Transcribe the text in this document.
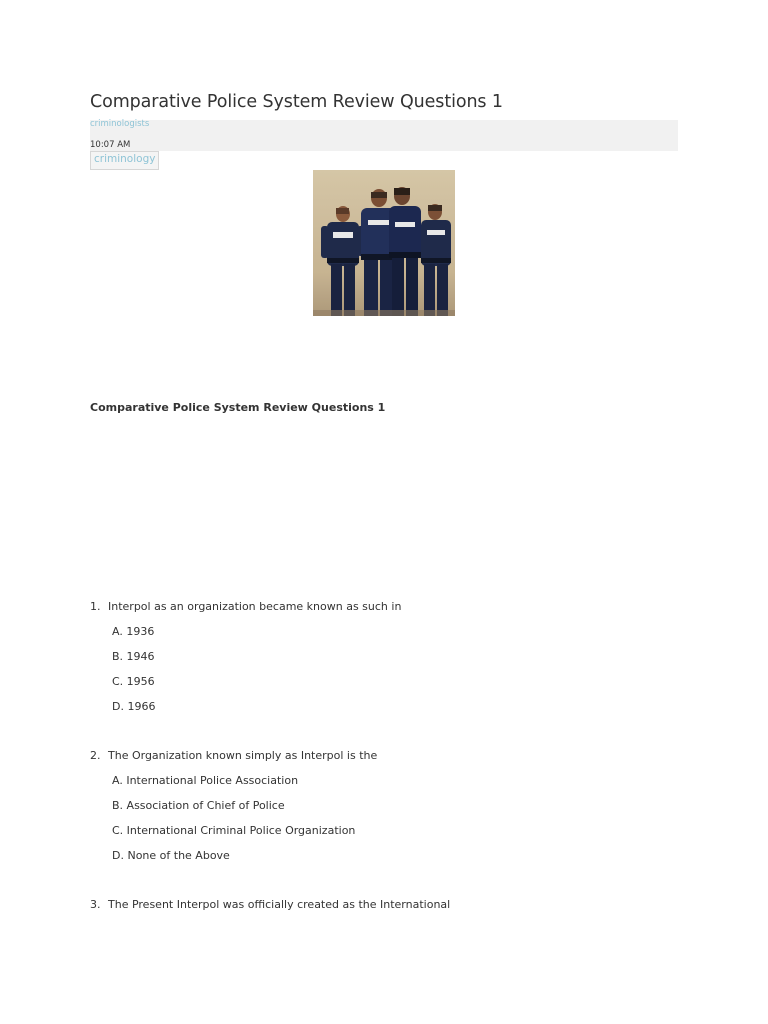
Comparative Police System Review Questions 1
criminologists
10:07 AM
criminology
Comparative Police System Review Questions 1
1. Interpol as an organization became known as such in
A. 1936
B. 1946
C. 1956
D. 1966
2. The Organization known simply as Interpol is the
A. International Police Association
B. Association of Chief of Police
C. International Criminal Police Organization
D. None of the Above
3. The Present Interpol was officially created as the International
